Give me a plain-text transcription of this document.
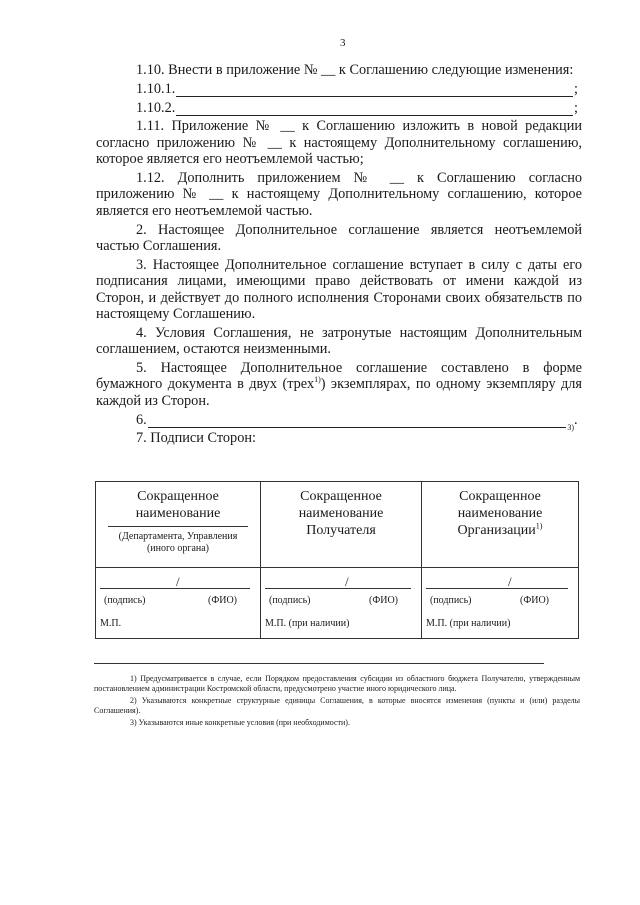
3

1.10. Внести в приложение № __ к Соглашению следующие изменения:

1.10.1.	;
1.10.2.	;

1.11. Приложение № __ к Соглашению изложить в новой редакции согласно приложению № __ к настоящему Дополнительному соглашению, которое является его неотъемлемой частью;

1.12. Дополнить приложением № __ к Соглашению согласно приложению № __ к настоящему Дополнительному соглашению, которое является его неотъемлемой частью.

2. Настоящее Дополнительное соглашение является неотъемлемой частью Соглашения.

3. Настоящее Дополнительное соглашение вступает в силу с даты его подписания лицами, имеющими право действовать от имени каждой из Сторон, и действует до полного исполнения Сторонами своих обязательств по настоящему Соглашению.

4. Условия Соглашения, не затронутые настоящим Дополнительным соглашением, остаются неизменными.

5. Настоящее Дополнительное соглашение составлено в форме бумажного документа в двух (трех$^{1)}$) экземплярах, по одному экземпляру для каждой из Сторон.

6.	3) .

7. Подписи Сторон:

Сокращенное наименование
(Департамента, Управления (иного органа)	Сокращенное наименование Получателя	Сокращенное наименование Организации$^{1)}$

/
(подпись) (ФИО)
М.П.	/
(подпись) (ФИО)
М.П. (при наличии)	/
(подпись) (ФИО)
М.П. (при наличии)

1) Предусматривается в случае, если Порядком предоставления субсидии из областного бюджета Получателю, утвержденным постановлением администрации Костромской области, предусмотрено участие иного юридического лица.

2) Указываются конкретные структурные единицы Соглашения, в которые вносятся изменения (пункты и (или) разделы Соглашения).

3) Указываются иные конкретные условия (при необходимости).
